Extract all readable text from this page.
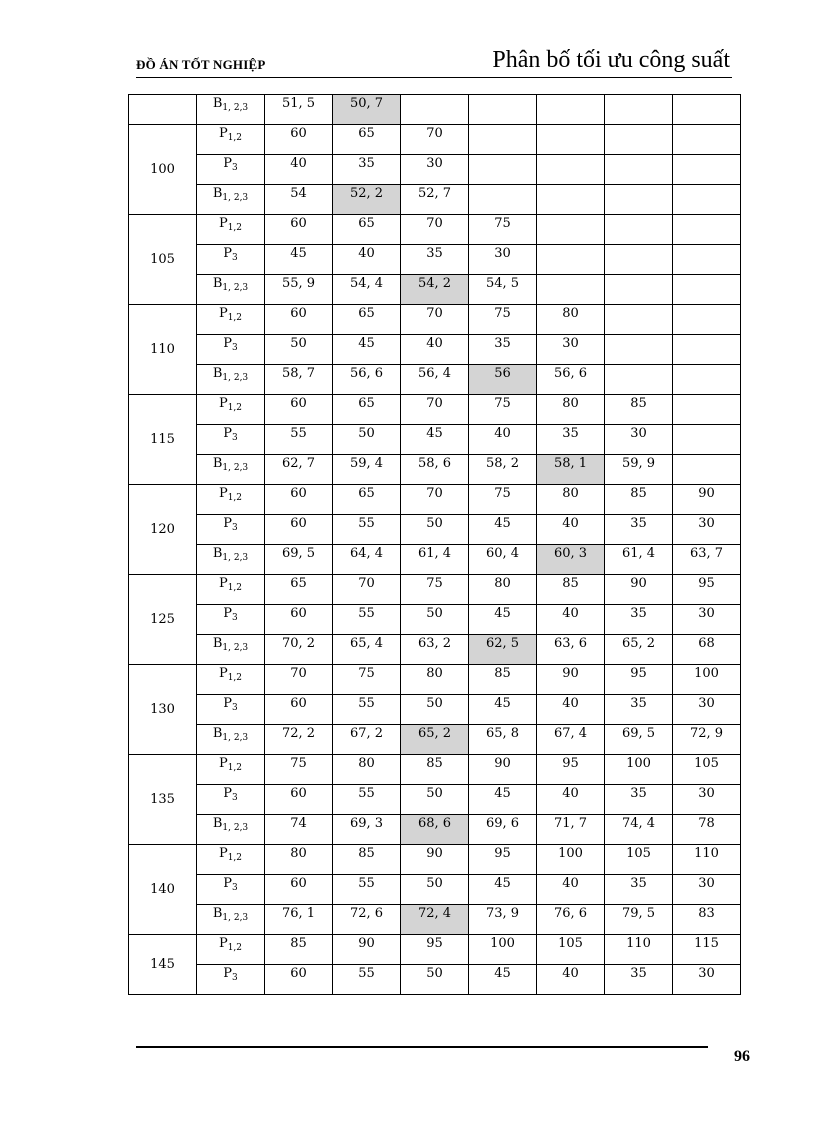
ĐỒ ÁN TỐT NGHIỆP	Phân bố tối ưu công suất
	$B_{1, 2,3}$	51, 5	50, 7					
100	$P_{1,2}$	60	65	70				
	$P_3$	40	35	30				
	$B_{1, 2,3}$	54	52, 2	52, 7				
105	$P_{1,2}$	60	65	70	75			
	$P_3$	45	40	35	30			
	$B_{1, 2,3}$	55, 9	54, 4	54, 2	54, 5			
110	$P_{1,2}$	60	65	70	75	80		
	$P_3$	50	45	40	35	30		
	$B_{1, 2,3}$	58, 7	56, 6	56, 4	56	56, 6		
115	$P_{1,2}$	60	65	70	75	80	85	
	$P_3$	55	50	45	40	35	30	
	$B_{1, 2,3}$	62, 7	59, 4	58, 6	58, 2	58, 1	59, 9	
120	$P_{1,2}$	60	65	70	75	80	85	90
	$P_3$	60	55	50	45	40	35	30
	$B_{1, 2,3}$	69, 5	64, 4	61, 4	60, 4	60, 3	61, 4	63, 7
125	$P_{1,2}$	65	70	75	80	85	90	95
	$P_3$	60	55	50	45	40	35	30
	$B_{1, 2,3}$	70, 2	65, 4	63, 2	62, 5	63, 6	65, 2	68
130	$P_{1,2}$	70	75	80	85	90	95	100
	$P_3$	60	55	50	45	40	35	30
	$B_{1, 2,3}$	72, 2	67, 2	65, 2	65, 8	67, 4	69, 5	72, 9
135	$P_{1,2}$	75	80	85	90	95	100	105
	$P_3$	60	55	50	45	40	35	30
	$B_{1, 2,3}$	74	69, 3	68, 6	69, 6	71, 7	74, 4	78
140	$P_{1,2}$	80	85	90	95	100	105	110
	$P_3$	60	55	50	45	40	35	30
	$B_{1, 2,3}$	76, 1	72, 6	72, 4	73, 9	76, 6	79, 5	83
145	$P_{1,2}$	85	90	95	100	105	110	115
	$P_3$	60	55	50	45	40	35	30
96
